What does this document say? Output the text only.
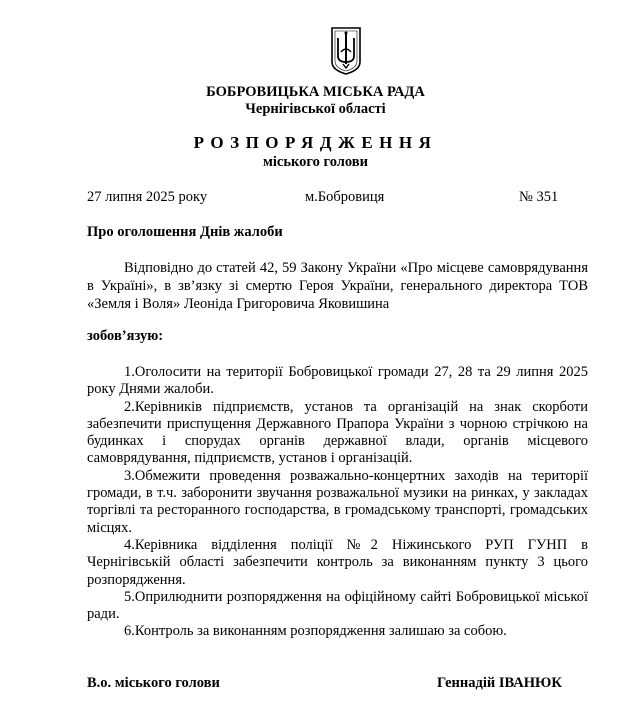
БОБРОВИЦЬКА МІСЬКА РАДА
Чернігівської області
РОЗПОРЯДЖЕННЯ
міського голови
27 липня 2025 року	м.Бобровиця	№ 351
Про оголошення Днів жалоби

Відповідно до статей 42, 59 Закону України «Про місцеве самоврядування в Україні», в зв’язку зі смертю Героя України, генерального директора ТОВ «Земля і Воля» Леоніда Григоровича Яковишина

зобов’язую:

1.Оголосити на території Бобровицької громади 27, 28 та 29 липня 2025 року Днями жалоби.

2.Керівників підприємств, установ та організацій на знак скорботи забезпечити приспущення Державного Прапора України з чорною стрічкою на будинках і спорудах органів державної влади, органів місцевого самоврядування, підприємств, установ і організацій.

3.Обмежити проведення розважально-концертних заходів на території громади, в т.ч. заборонити звучання розважальної музики на ринках, у закладах торгівлі та ресторанного господарства, в громадському транспорті, громадських місцях.

4.Керівника відділення поліції №2 Ніжинського РУП ГУНП в Чернігівській області забезпечити контроль за виконанням пункту 3 цього розпорядження.

5.Оприлюднити розпорядження на офіційному сайті Бобровицької міської ради.

6.Контроль за виконанням розпорядження залишаю за собою.

В.о. міського голови	Геннадій ІВАНЮК
